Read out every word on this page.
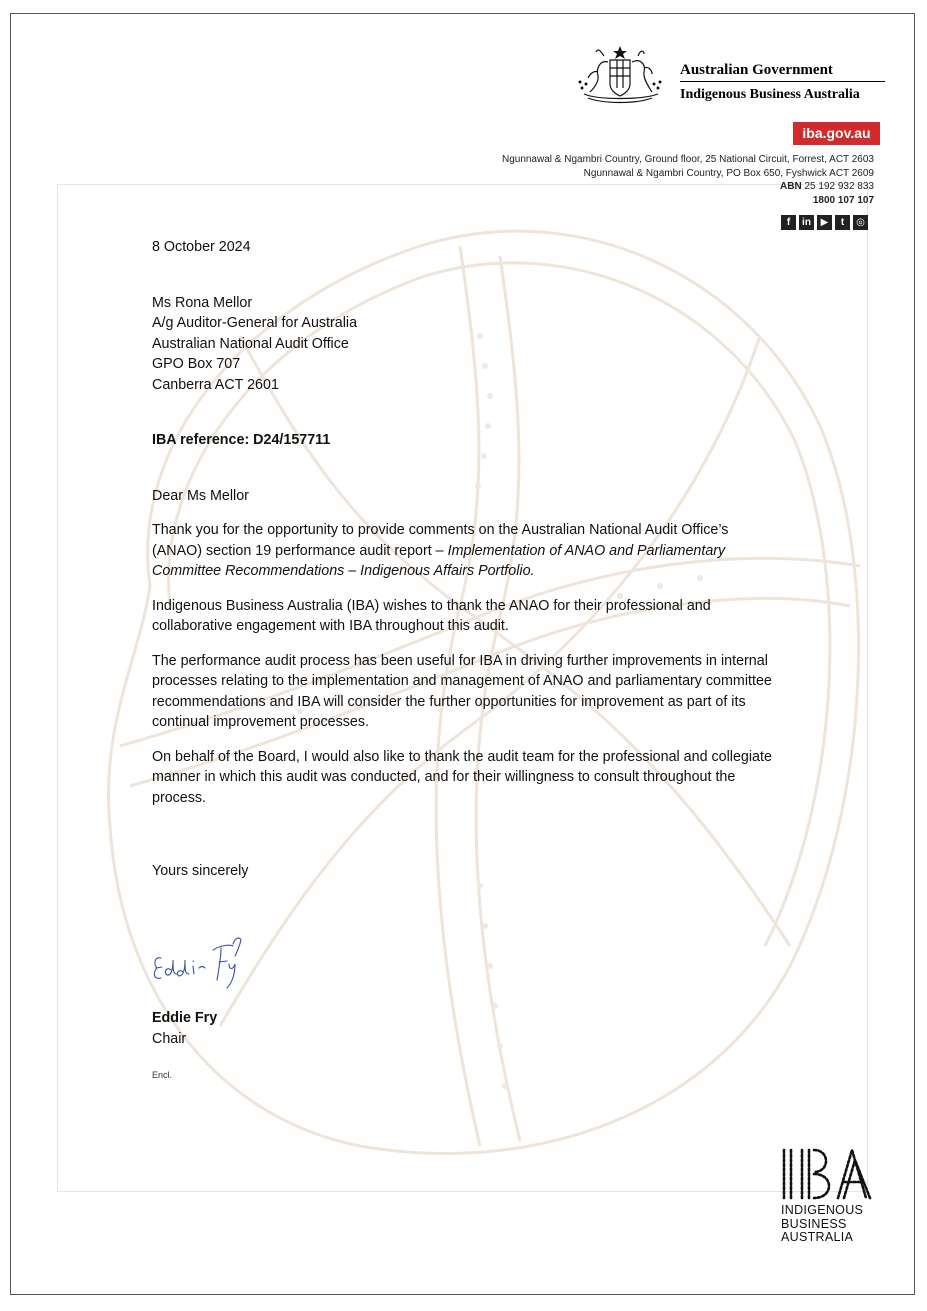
Australian Government
Indigenous Business Australia
iba.gov.au
Ngunnawal & Ngambri Country, Ground floor, 25 National Circuit, Forrest, ACT 2603
Ngunnawal & Ngambri Country, PO Box 650, Fyshwick ACT 2609
ABN 25 192 932 833
1800 107 107
f	in ▶	t	◎
8 October 2024
Ms Rona Mellor
A/g Auditor-General for Australia
Australian National Audit Office
GPO Box 707
Canberra ACT 2601
IBA reference: D24/157711
Dear Ms Mellor
Thank you for the opportunity to provide comments on the Australian National Audit Office’s (ANAO) section 19 performance audit report – Implementation of ANAO and Parliamentary Committee Recommendations – Indigenous Affairs Portfolio.
Indigenous Business Australia (IBA) wishes to thank the ANAO for their professional and collaborative engagement with IBA throughout this audit.
The performance audit process has been useful for IBA in driving further improvements in internal processes relating to the implementation and management of ANAO and parliamentary committee recommendations and IBA will consider the further opportunities for improvement as part of its continual improvement processes.
On behalf of the Board, I would also like to thank the audit team for the professional and collegiate manner in which this audit was conducted, and for their willingness to consult throughout the process.
Yours sincerely
Eddie Fry
Chair
Encl.
INDIGENOUS
BUSINESS
AUSTRALIA
